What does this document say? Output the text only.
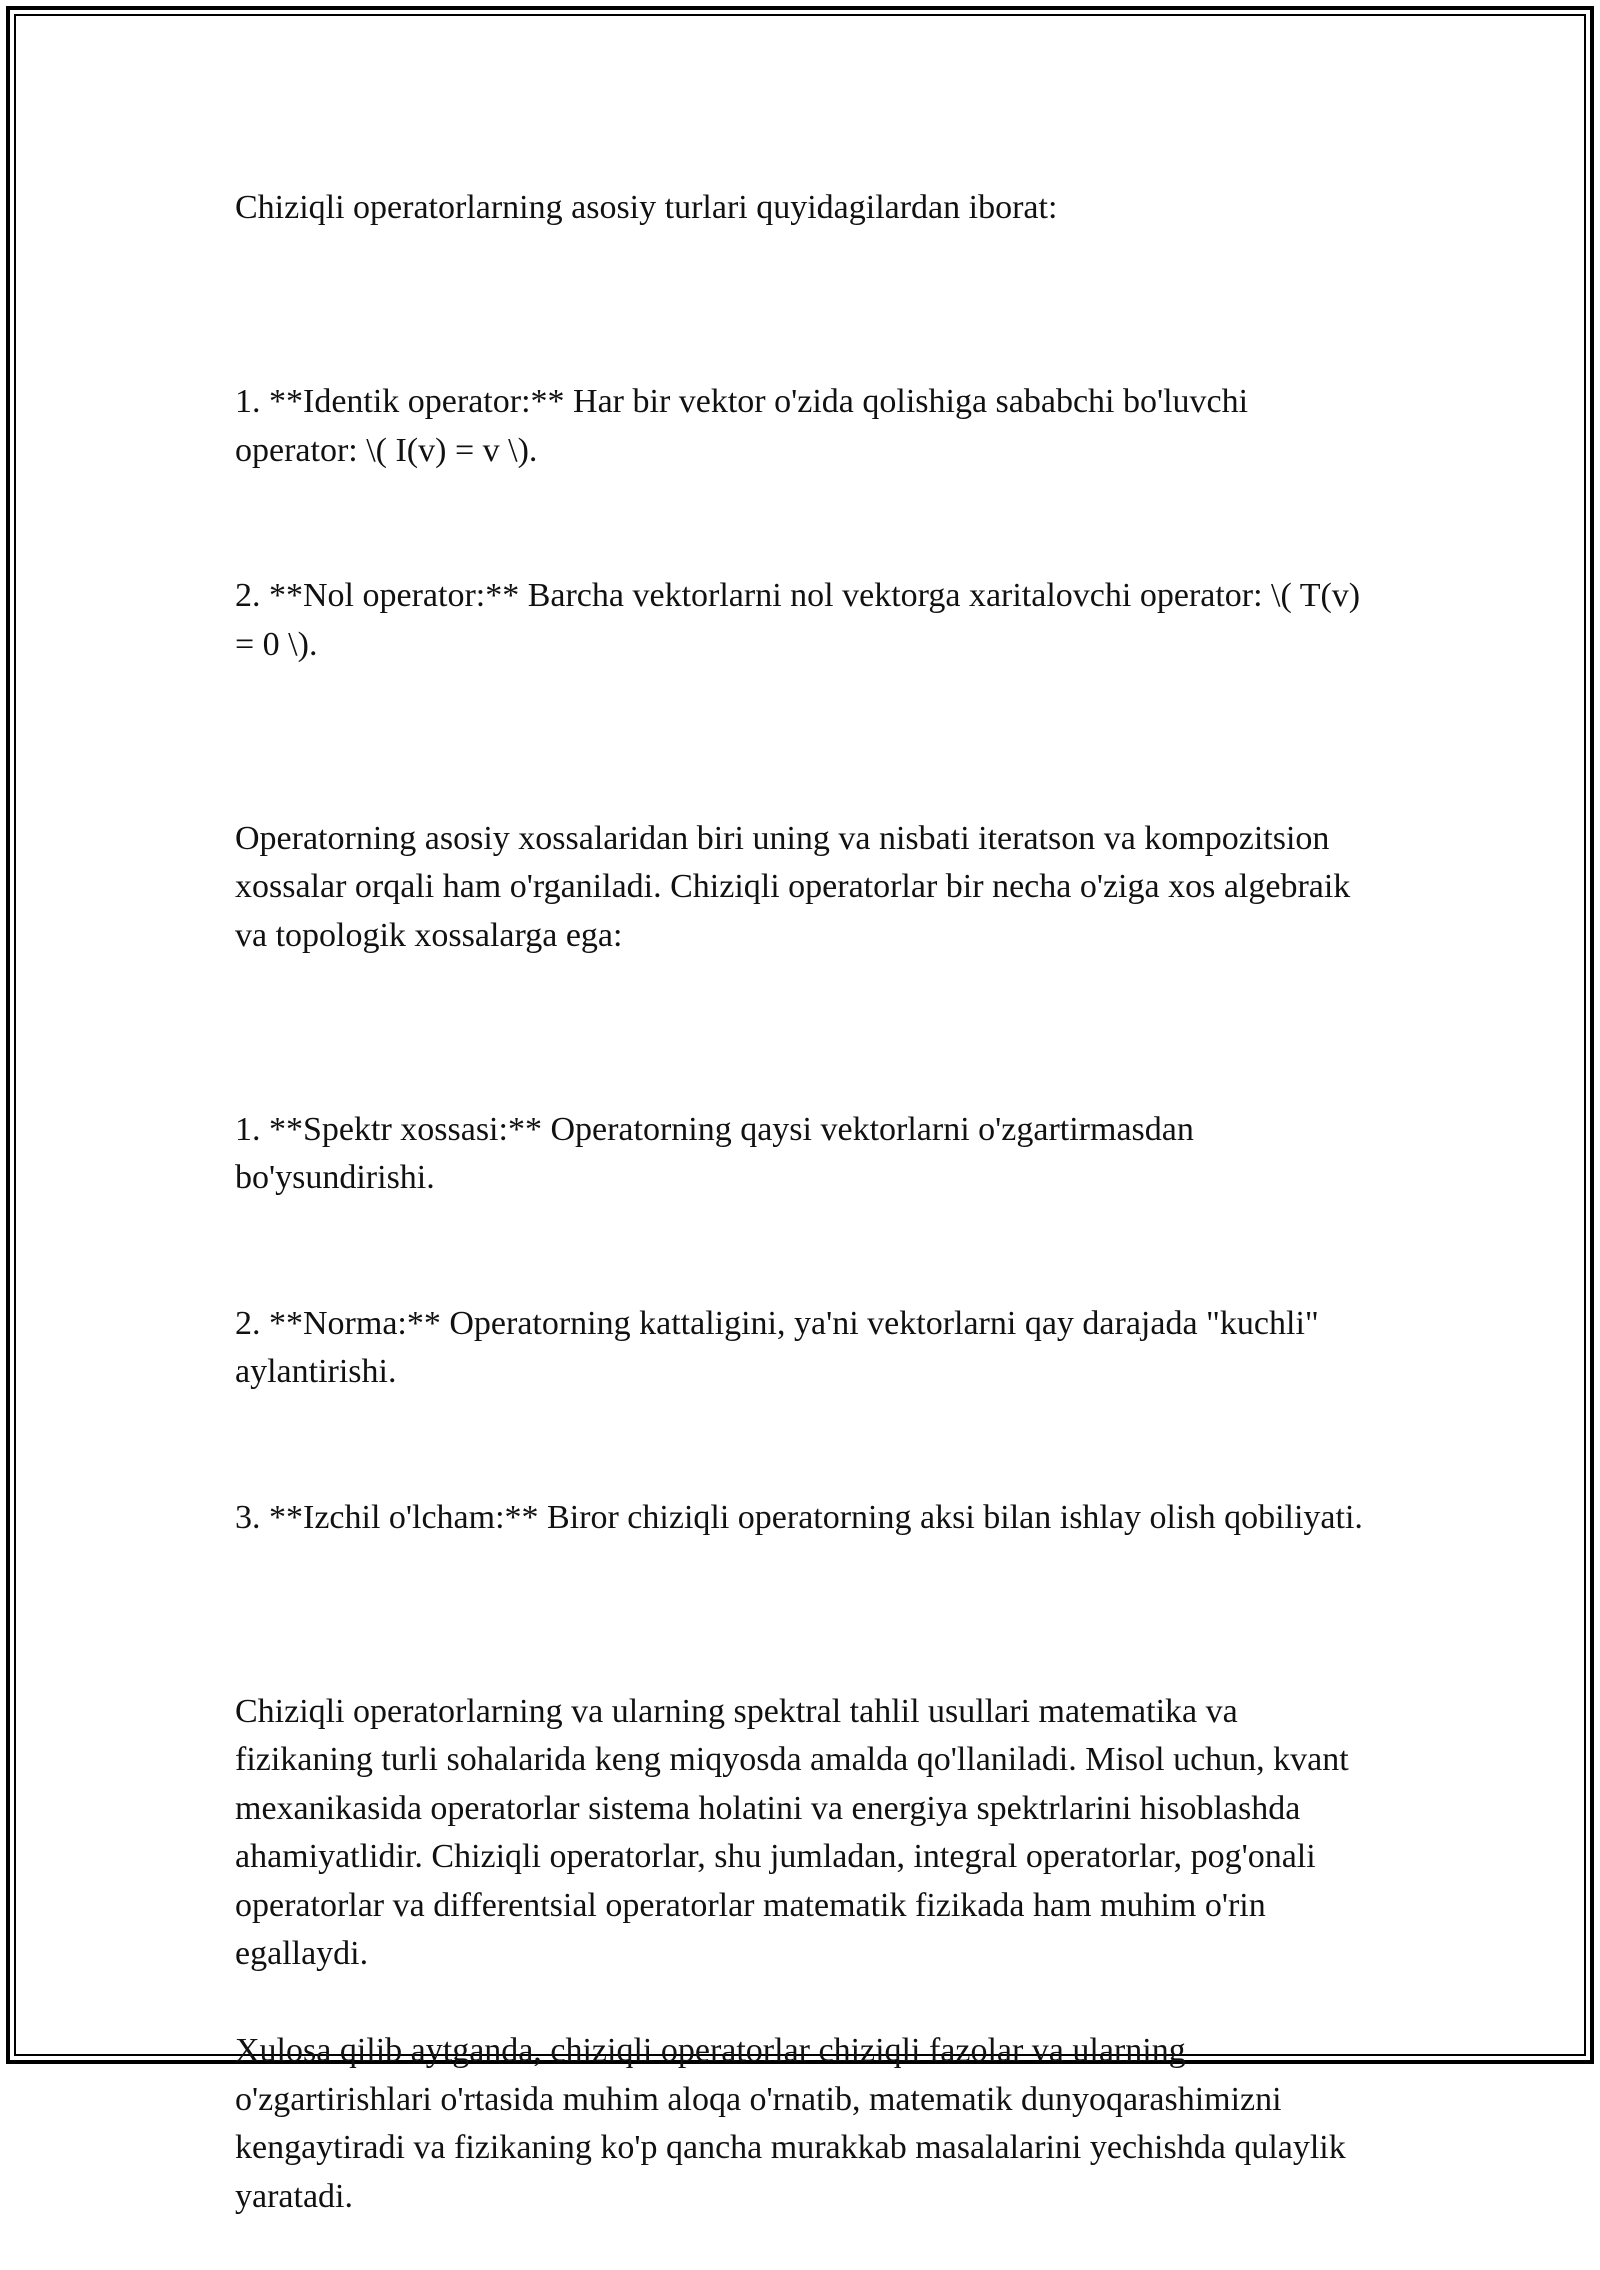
Chiziqli operatorlarning asosiy turlari quyidagilardan iborat:

1. **Identik operator:** Har bir vektor o'zida qolishiga sababchi bo'luvchi operator: \( I(v) = v \).

2. **Nol operator:** Barcha vektorlarni nol vektorga xaritalovchi operator: \( T(v) = 0 \).

Operatorning asosiy xossalaridan biri uning va nisbati iteratson va kompozitsion xossalar orqali ham o'rganiladi. Chiziqli operatorlar bir necha o'ziga xos algebraik va topologik xossalarga ega:

1. **Spektr xossasi:** Operatorning qaysi vektorlarni o'zgartirmasdan bo'ysundirishi.

2. **Norma:** Operatorning kattaligini, ya'ni vektorlarni qay darajada "kuchli" aylantirishi.

3. **Izchil o'lcham:** Biror chiziqli operatorning aksi bilan ishlay olish qobiliyati.

Chiziqli operatorlarning va ularning spektral tahlil usullari matematika va fizikaning turli sohalarida keng miqyosda amalda qo'llaniladi. Misol uchun, kvant mexanikasida operatorlar sistema holatini va energiya spektrlarini hisoblashda ahamiyatlidir. Chiziqli operatorlar, shu jumladan, integral operatorlar, pog'onali operatorlar va differentsial operatorlar matematik fizikada ham muhim o'rin egallaydi.

Xulosa qilib aytganda, chiziqli operatorlar chiziqli fazolar va ularning o'zgartirishlari o'rtasida muhim aloqa o'rnatib, matematik dunyoqarashimizni kengaytiradi va fizikaning ko'p qancha murakkab masalalarini yechishda qulaylik yaratadi.
